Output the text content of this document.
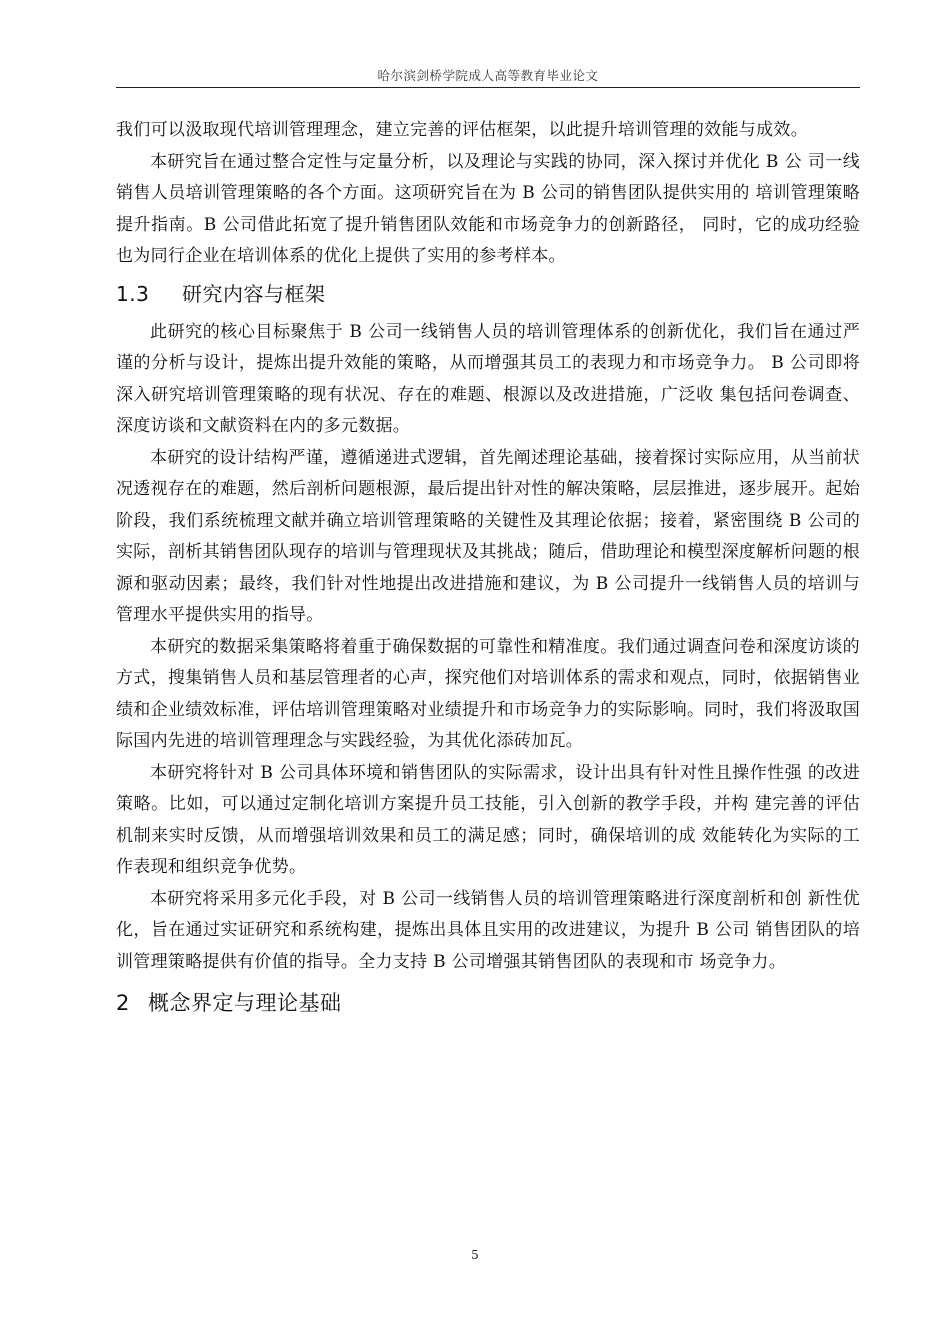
哈尔滨剑桥学院成人高等教育毕业论文

我们可以汲取现代培训管理理念，建立完善的评估框架，以此提升培训管理的效能与成效。

本研究旨在通过整合定性与定量分析，以及理论与实践的协同，深入探讨并优化 B 公 司一线销售人员培训管理策略的各个方面。这项研究旨在为 B 公司的销售团队提供实用的 培训管理策略提升指南。B 公司借此拓宽了提升销售团队效能和市场竞争力的创新路径， 同时，它的成功经验也为同行企业在培训体系的优化上提供了实用的参考样本。

1.3 研究内容与框架

此研究的核心目标聚焦于 B 公司一线销售人员的培训管理体系的创新优化，我们旨在通过严谨的分析与设计，提炼出提升效能的策略，从而增强其员工的表现力和市场竞争力。 B 公司即将深入研究培训管理策略的现有状况、存在的难题、根源以及改进措施，广泛收 集包括问卷调查、深度访谈和文献资料在内的多元数据。

本研究的设计结构严谨，遵循递进式逻辑，首先阐述理论基础，接着探讨实际应用，从当前状况透视存在的难题，然后剖析问题根源，最后提出针对性的解决策略，层层推进，逐步展开。起始阶段，我们系统梳理文献并确立培训管理策略的关键性及其理论依据；接着，紧密围绕 B 公司的实际，剖析其销售团队现存的培训与管理现状及其挑战；随后，借助理论和模型深度解析问题的根源和驱动因素；最终，我们针对性地提出改进措施和建议，为 B 公司提升一线销售人员的培训与管理水平提供实用的指导。

本研究的数据采集策略将着重于确保数据的可靠性和精准度。我们通过调查问卷和深度访谈的方式，搜集销售人员和基层管理者的心声，探究他们对培训体系的需求和观点，同时，依据销售业绩和企业绩效标准，评估培训管理策略对业绩提升和市场竞争力的实际影响。同时，我们将汲取国际国内先进的培训管理理念与实践经验，为其优化添砖加瓦。

本研究将针对 B 公司具体环境和销售团队的实际需求，设计出具有针对性且操作性强 的改进策略。比如，可以通过定制化培训方案提升员工技能，引入创新的教学手段，并构 建完善的评估机制来实时反馈，从而增强培训效果和员工的满足感；同时，确保培训的成 效能转化为实际的工作表现和组织竞争优势。

本研究将采用多元化手段，对 B 公司一线销售人员的培训管理策略进行深度剖析和创 新性优化，旨在通过实证研究和系统构建，提炼出具体且实用的改进建议，为提升 B 公司 销售团队的培训管理策略提供有价值的指导。全力支持 B 公司增强其销售团队的表现和市 场竞争力。

2 概念界定与理论基础
5
